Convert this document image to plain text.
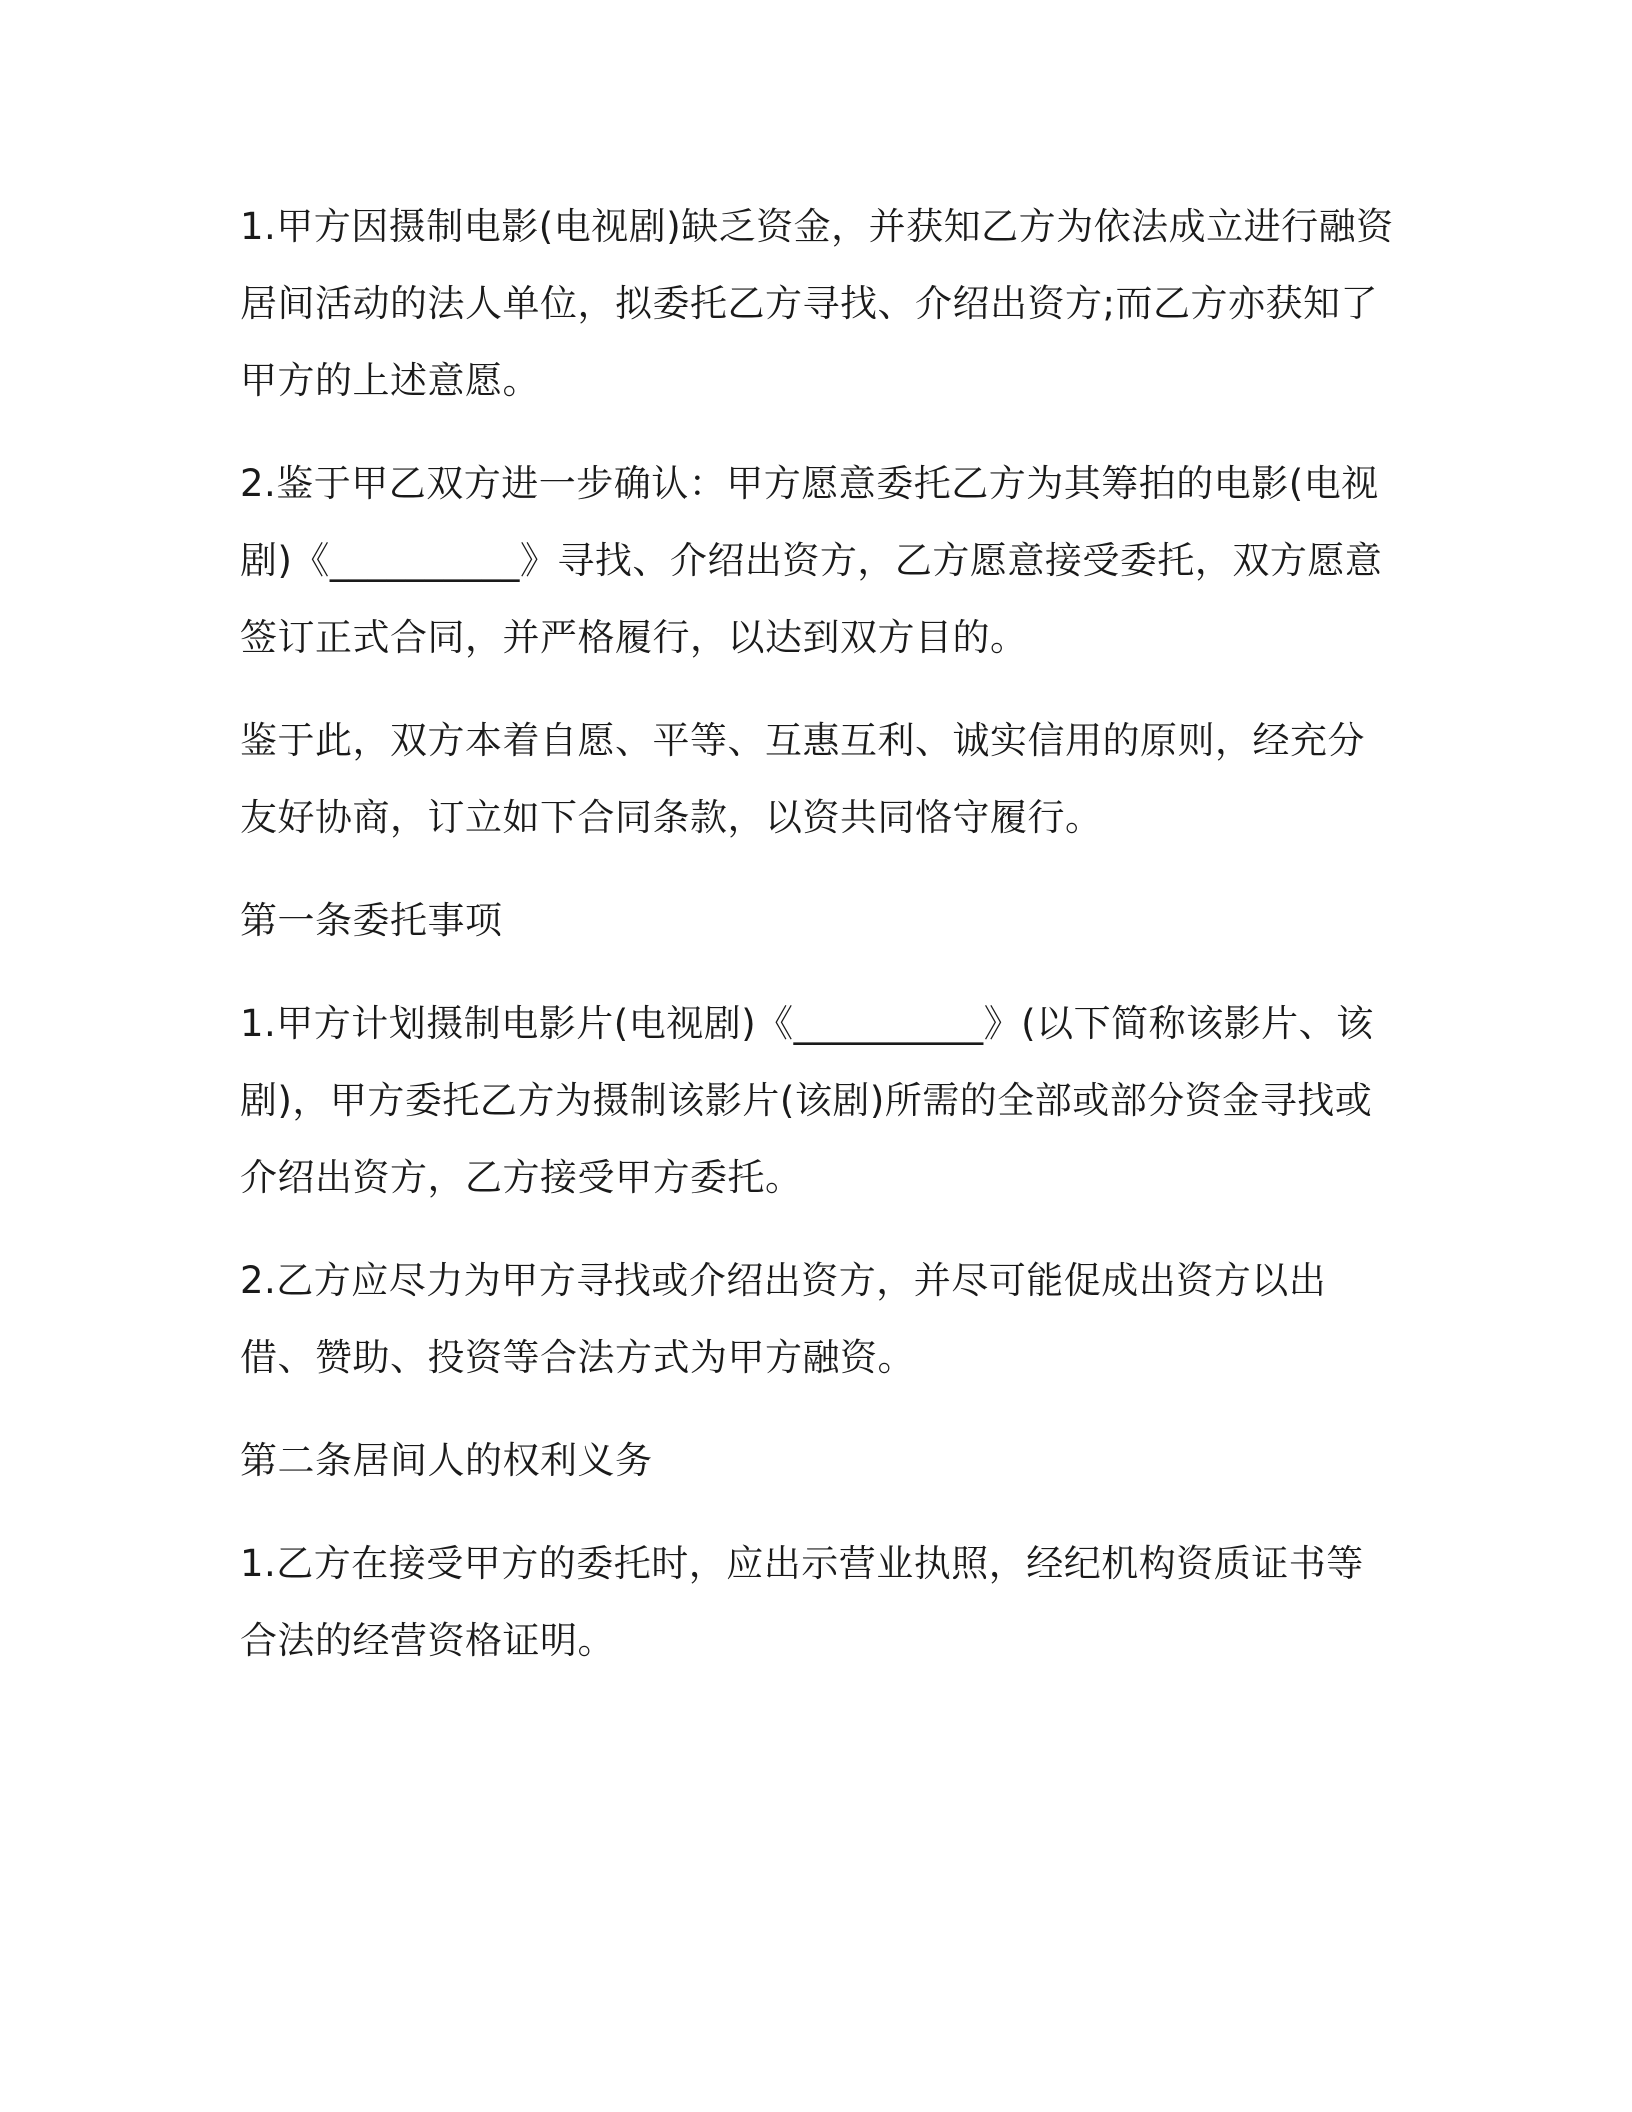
1.甲方因摄制电影(电视剧)缺乏资金，并获知乙方为依法成立进行融资居间活动的法人单位，拟委托乙方寻找、介绍出资方;而乙方亦获知了甲方的上述意愿。

2.鉴于甲乙双方进一步确认：甲方愿意委托乙方为其筹拍的电影(电视剧)《__________》寻找、介绍出资方，乙方愿意接受委托，双方愿意签订正式合同，并严格履行，以达到双方目的。

鉴于此，双方本着自愿、平等、互惠互利、诚实信用的原则，经充分友好协商，订立如下合同条款，以资共同恪守履行。

第一条委托事项

1.甲方计划摄制电影片(电视剧)《__________》(以下简称该影片、该剧)，甲方委托乙方为摄制该影片(该剧)所需的全部或部分资金寻找或介绍出资方，乙方接受甲方委托。

2.乙方应尽力为甲方寻找或介绍出资方，并尽可能促成出资方以出借、赞助、投资等合法方式为甲方融资。

第二条居间人的权利义务

1.乙方在接受甲方的委托时，应出示营业执照，经纪机构资质证书等合法的经营资格证明。
